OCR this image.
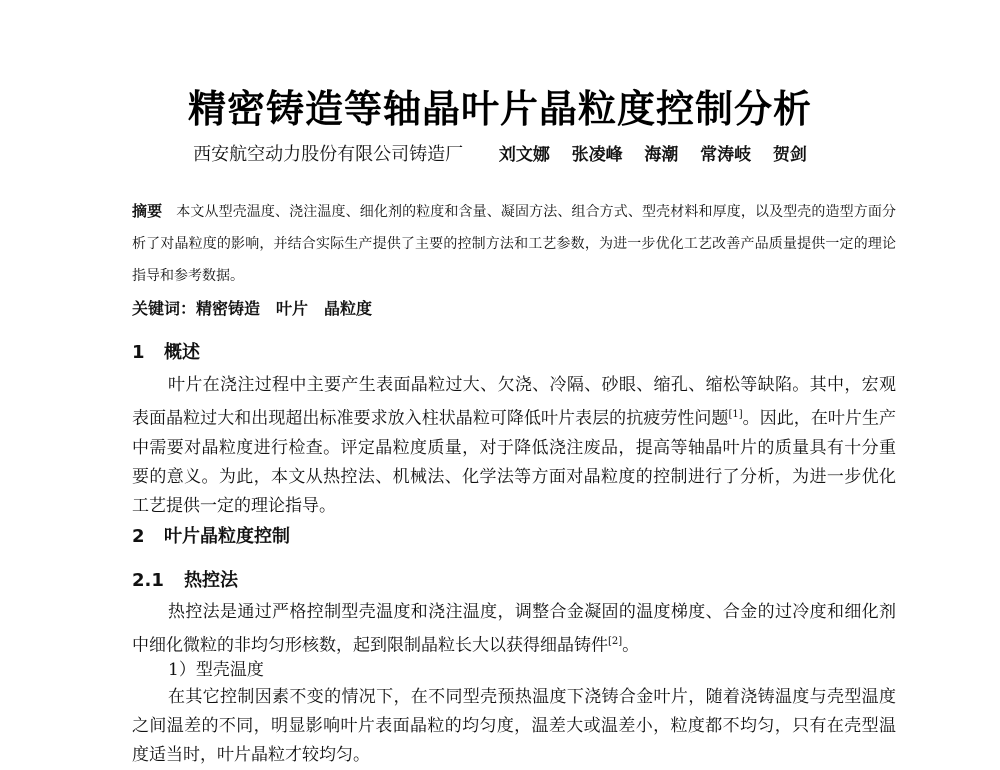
精密铸造等轴晶叶片晶粒度控制分析
西安航空动力股份有限公司铸造厂 刘文娜 张凌峰 海潮 常涛岐 贺剑
摘要 本文从型壳温度、浇注温度、细化剂的粒度和含量、凝固方法、组合方式、型壳材料和厚度，以及型壳的造型方面分析了对晶粒度的影响，并结合实际生产提供了主要的控制方法和工艺参数，为进一步优化工艺改善产品质量提供一定的理论指导和参考数据。
关键词：精密铸造 叶片 晶粒度
1 概述
叶片在浇注过程中主要产生表面晶粒过大、欠浇、冷隔、砂眼、缩孔、缩松等缺陷。其中，宏观表面晶粒过大和出现超出标准要求放入柱状晶粒可降低叶片表层的抗疲劳性问题[1]。因此，在叶片生产中需要对晶粒度进行检查。评定晶粒度质量，对于降低浇注废品，提高等轴晶叶片的质量具有十分重要的意义。为此，本文从热控法、机械法、化学法等方面对晶粒度的控制进行了分析，为进一步优化工艺提供一定的理论指导。
2 叶片晶粒度控制
2.1 热控法
热控法是通过严格控制型壳温度和浇注温度，调整合金凝固的温度梯度、合金的过冷度和细化剂中细化微粒的非均匀形核数，起到限制晶粒长大以获得细晶铸件[2]。
1）型壳温度
在其它控制因素不变的情况下，在不同型壳预热温度下浇铸合金叶片，随着浇铸温度与壳型温度之间温差的不同，明显影响叶片表面晶粒的均匀度，温差大或温差小，粒度都不均匀，只有在壳型温度适当时，叶片晶粒才较均匀。
